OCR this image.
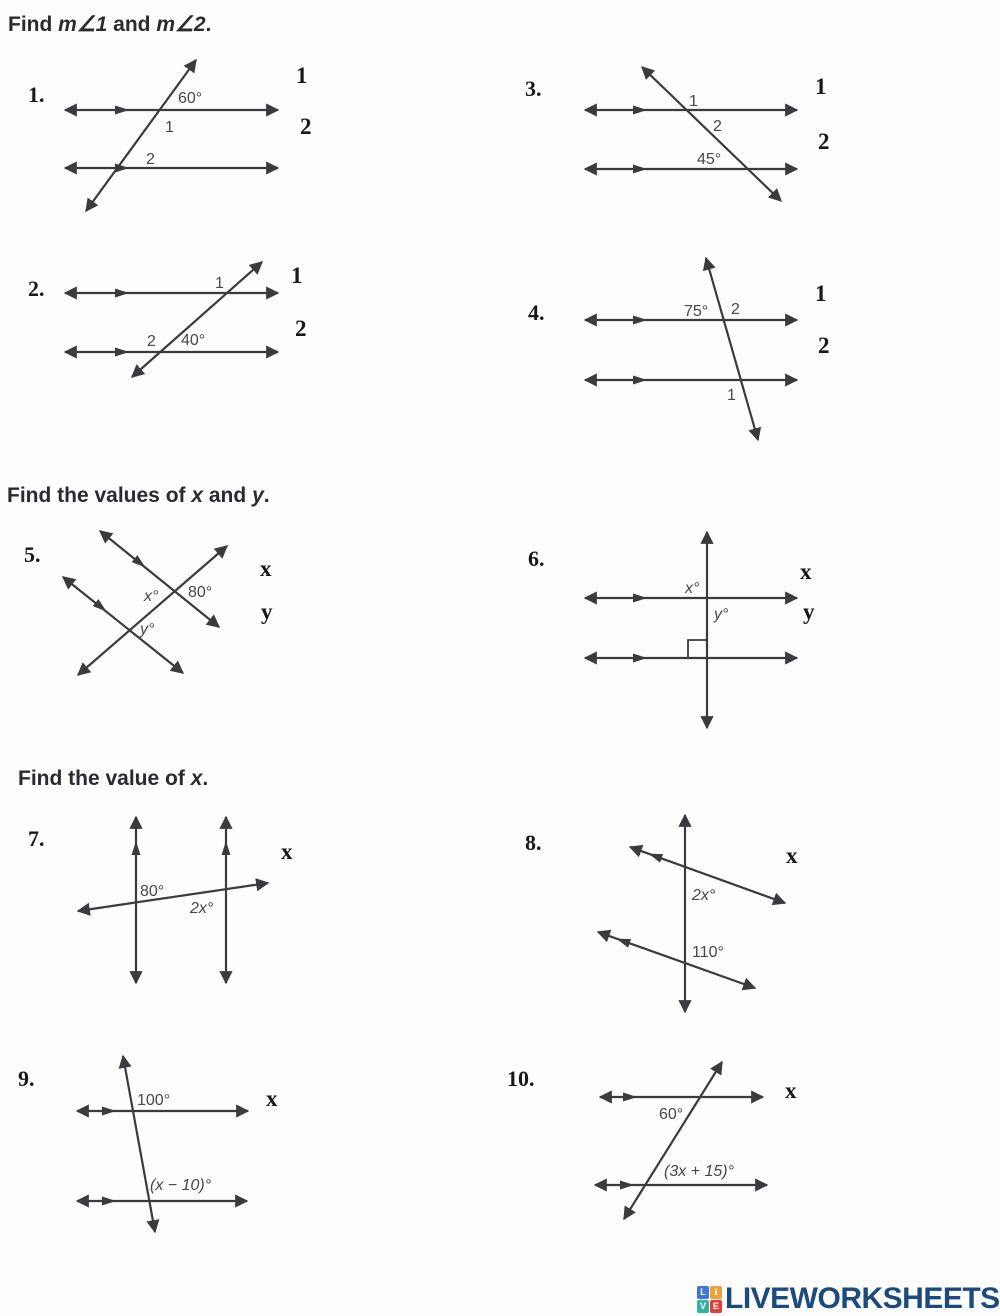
Find m∠1 and m∠2.
1.	60°
1
2
1
2
3.
1
2
45°
1
2
2.	1
2 40°
1
2
4.	75° 2
1
1
2
Find the values of x and y.
5.
x° 80°
y°
x
y
6.
x°
y°
x
y
Find the value of x.
7.
80°
2x°
x	8.
2x°
110°
x
9.
100°
(x − 10)°
x
10.
60°
(3x + 15)°
x
L I
V E LIVEWORKSHEETS
